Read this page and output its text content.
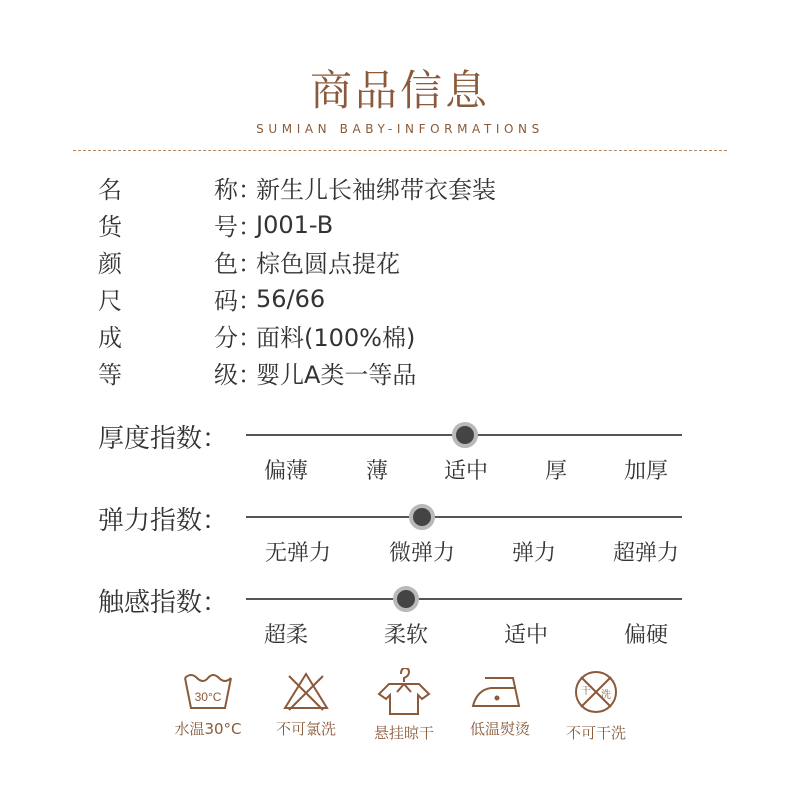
商品信息
SUMIAN BABY-INFORMATIONS
名	称 ：
新生儿长袖绑带衣套装
货	号 ：
J001-B
颜	色 ：
棕色圆点提花
尺	码 ：
56/66
成	分 ：
面料(100%棉)
等	级 ：
婴儿A类一等品
厚度指数：
偏薄	薄	适中	厚	加厚
弹力指数：
无弹力	微弹力	弹力	超弹力
触感指数：
超柔	柔软	适中	偏硬
30°C
水温30°C	不可氯洗	悬挂晾干	低温熨烫
干 洗
不可干洗
